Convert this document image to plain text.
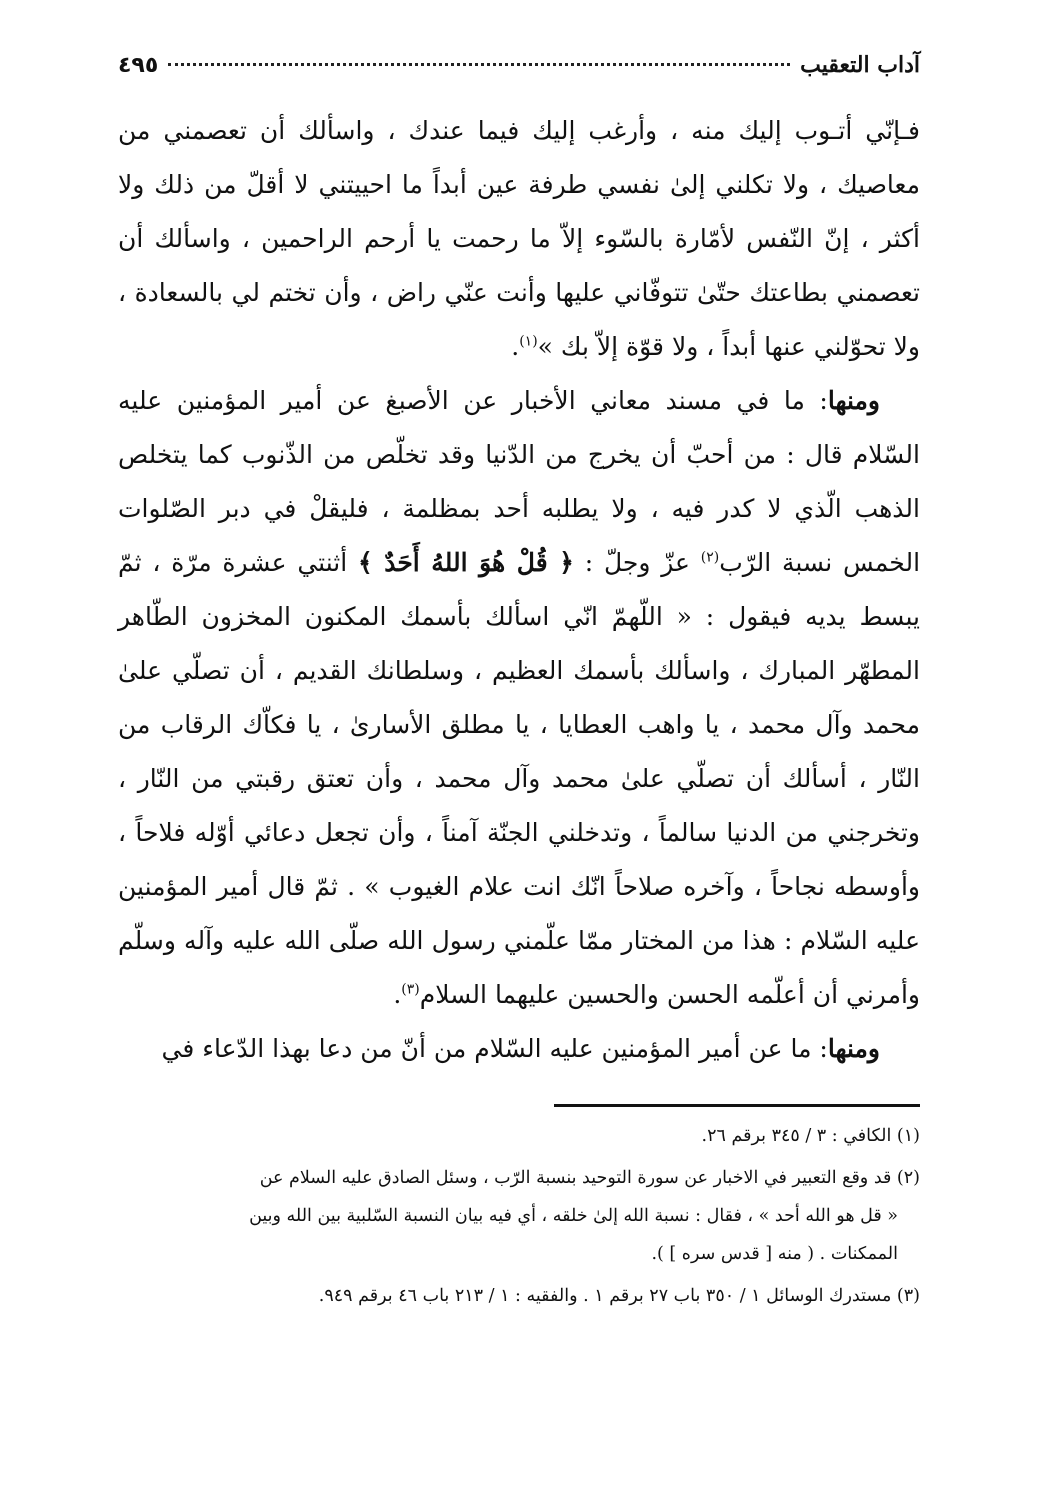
آداب التعقيب
٤٩٥

فـإنّي أتـوب إليك منه ، وأرغب إليك فيما عندك ، واسألك أن تعصمني من معاصيك ، ولا تكلني إلىٰ نفسي طرفة عين أبداً ما احييتني لا أقلّ من ذلك ولا أكثر ، إنّ النّفس لأمّارة بالسّوء إلاّ ما رحمت يا أرحم الراحمين ، واسألك أن تعصمني بطاعتك حتّىٰ تتوفّاني عليها وأنت عنّي راض ، وأن تختم لي بالسعادة ، ولا تحوّلني عنها أبداً ، ولا قوّة إلاّ بك »$^{(١)}$.

ومنها: ما في مسند معاني الأخبار عن الأصبغ عن أمير المؤمنين عليه السّلام قال : من أحبّ أن يخرج من الدّنيا وقد تخلّص من الذّنوب كما يتخلص الذهب الّذي لا كدر فيه ، ولا يطلبه أحد بمظلمة ، فليقلْ في دبر الصّلوات الخمس نسبة الرّب$^{(٢)}$ عزّ وجلّ : ﴿ قُلْ هُوَ اللهُ أَحَدٌ ﴾ أثنتي عشرة مرّة ، ثمّ يبسط يديه فيقول : « اللّهمّ انّي اسألك بأسمك المكنون المخزون الطّاهر المطهّر المبارك ، واسألك بأسمك العظيم ، وسلطانك القديم ، أن تصلّي علىٰ محمد وآل محمد ، يا واهب العطايا ، يا مطلق الأسارىٰ ، يا فكاّك الرقاب من النّار ، أسألك أن تصلّي علىٰ محمد وآل محمد ، وأن تعتق رقبتي من النّار ، وتخرجني من الدنيا سالماً ، وتدخلني الجنّة آمناً ، وأن تجعل دعائي أوّله فلاحاً ، وأوسطه نجاحاً ، وآخره صلاحاً انّك انت علام الغيوب » . ثمّ قال أمير المؤمنين عليه السّلام : هذا من المختار ممّا علّمني رسول الله صلّى الله عليه وآله وسلّم وأمرني أن أعلّمه الحسن والحسين عليهما السلام$^{(٣)}$.

ومنها: ما عن أمير المؤمنين عليه السّلام من أنّ من دعا بهذا الدّعاء في

(١) الكافي : ٣ / ٣٤٥ برقم ٢٦.

(٢) قد وقع التعبير في الاخبار عن سورة التوحيد بنسبة الرّب ، وسئل الصادق عليه السلام عن
« قل هو الله أحد » ، فقال : نسبة الله إلىٰ خلقه ، أي فيه بيان النسبة السّلبية بين الله وبين
الممكنات . ( منه [ قدس سره ] ).

(٣) مستدرك الوسائل ١ / ٣٥٠ باب ٢٧ برقم ١ . والفقيه : ١ / ٢١٣ باب ٤٦ برقم ٩٤٩.
